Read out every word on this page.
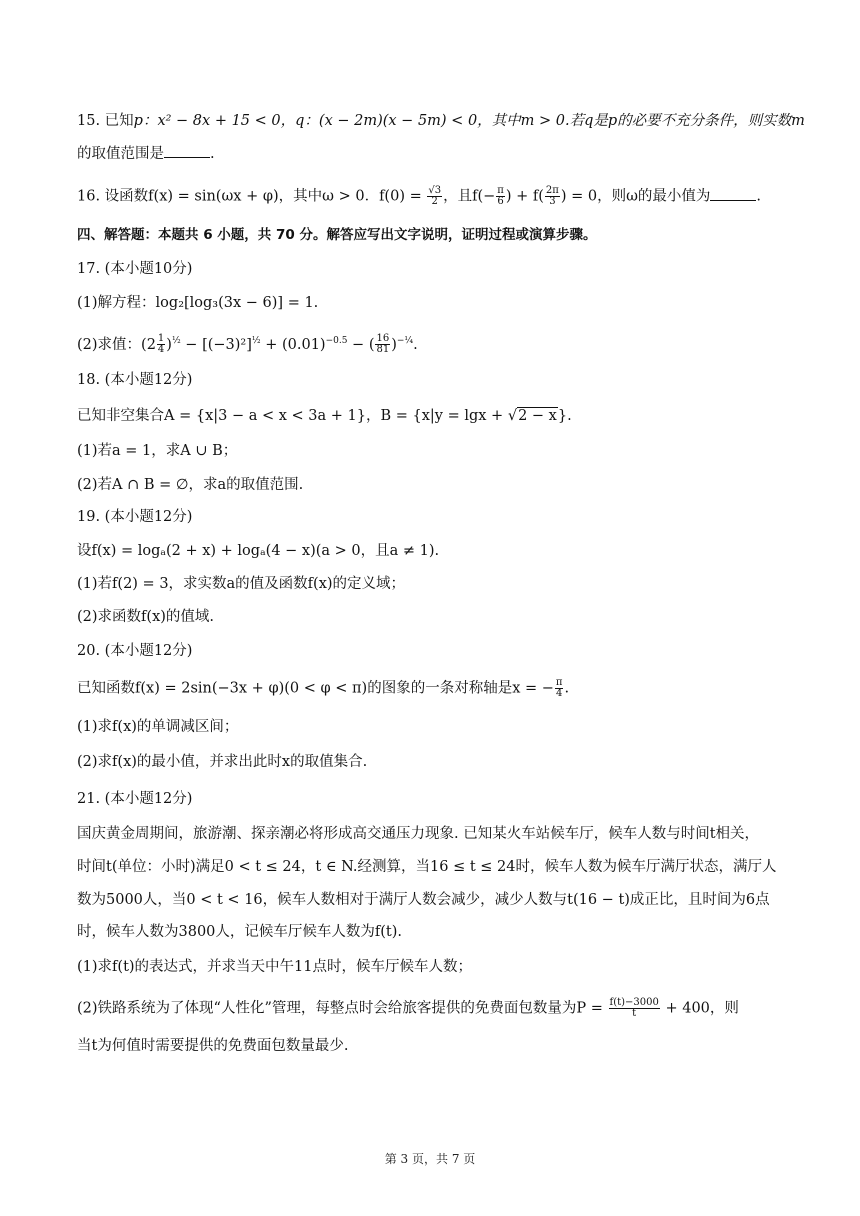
15. 已知p：x² − 8x + 15 < 0，q：(x − 2m)(x − 5m) < 0，其中m > 0.若q是p的必要不充分条件，则实数m
的取值范围是	.
16. 设函数f(x) = sin(ωx + φ)，其中ω > 0．$f(0) = \frac{√3}{2}$ ，且$f(- \frac{\pi}{6}$ ) + $f( \frac{2\pi}{3}$ ) = 0，则ω的最小值为	.
四、解答题：本题共 6 小题，共 70 分。解答应写出文字说明，证明过程或演算步骤。
17. (本小题10分)
(1)解方程：log₂[log₃(3x − 6)] = 1.
(2)求值：$(2 \frac{1}{4} )^{\frac{1}{2}} - [(-3)^2]^{\frac{1}{2}} + (0.01)^{-0.5}$ − ( $\frac{16}{81} )^{-\frac{1}{4}}$.
18. (本小题12分)
已知非空集合A = {x|3 − a < x < 3a + 1}，B = {x|y = lgx + √2 − x}.
(1)若a = 1，求A ∪ B；
(2)若A ∩ B = ∅，求a的取值范围.
19. (本小题12分)
设f(x) = logₐ(2 + x) + logₐ(4 − x)(a > 0，且a ≠ 1).
(1)若f(2) = 3，求实数a的值及函数f(x)的定义域；
(2)求函数f(x)的值域.
20. (本小题12分)
已知函数f(x) = 2sin(−3x + φ)(0 < φ < π)的图象的一条对称轴是x = − $\frac{\pi}{4}$ .
(1)求f(x)的单调减区间；
(2)求f(x)的最小值，并求出此时x的取值集合.
21. (本小题12分)
国庆黄金周期间，旅游潮、探亲潮必将形成高交通压力现象. 已知某火车站候车厅，候车人数与时间t相关，
时间t(单位：小时)满足0 < t ≤ 24，t ∈ N.经测算，当16 ≤ t ≤ 24时，候车人数为候车厅满厅状态，满厅人
数为5000人，当0 < t < 16，候车人数相对于满厅人数会减少，减少人数与t(16 − t)成正比，且时间为6点
时，候车人数为3800人，记候车厅候车人数为f(t).
(1)求f(t)的表达式，并求当天中午11点时，候车厅候车人数；
(2)铁路系统为了体现“人性化”管理，每整点时会给旅客提供的免费面包数量为$P = \frac{f(t)-3000}{t} + 400$，则
当t为何值时需要提供的免费面包数量最少.
第 3 页，共 7 页
